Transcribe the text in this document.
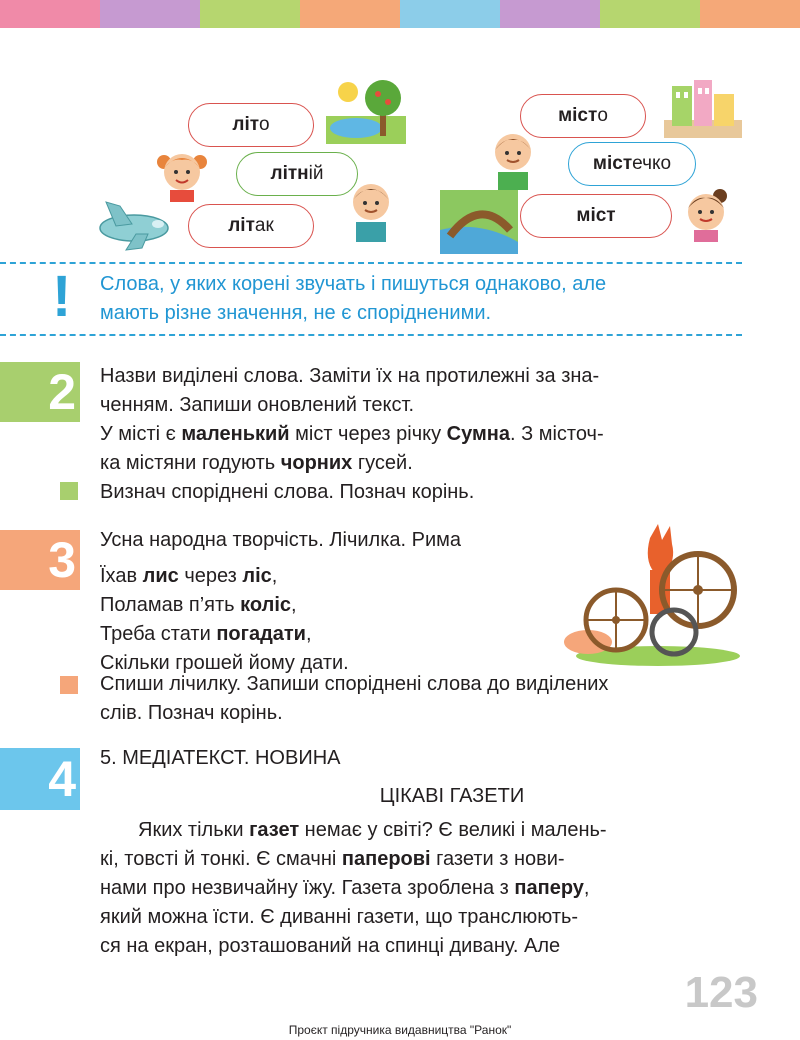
літо
літній
літак
місто
містечко
міст
! Слова, у яких корені звучать і пишуться однаково, але
мають різне значення, не є спорідненими.
2 Назви виділені слова. Заміти їх на протилежні за зна-
ченням. Запиши оновлений текст.
У місті є маленький міст через річку Сумна. З місточ-
ка містяни годують чорних гусей.
Визнач споріднені слова. Познач корінь.
3 Усна народна творчість. Лічилка. Рима
Їхав лис через ліс,
Поламав п’ять коліс,
Треба стати погадати,
Скільки грошей йому дати.
Спиши лічилку. Запиши споріднені слова до виділених
слів. Познач корінь.
4 5. МЕДІАТЕКСТ. НОВИНА
ЦІКАВІ ГАЗЕТИ
Яких тільки газет немає у світі? Є великі і малень-
кі, товсті й тонкі. Є смачні паперові газети з нови-
нами про незвичайну їжу. Газета зроблена з паперу,
який можна їсти. Є диванні газети, що транслюють-
ся на екран, розташований на спинці дивану. Але
123
Проєкт підручника видавництва "Ранок"
